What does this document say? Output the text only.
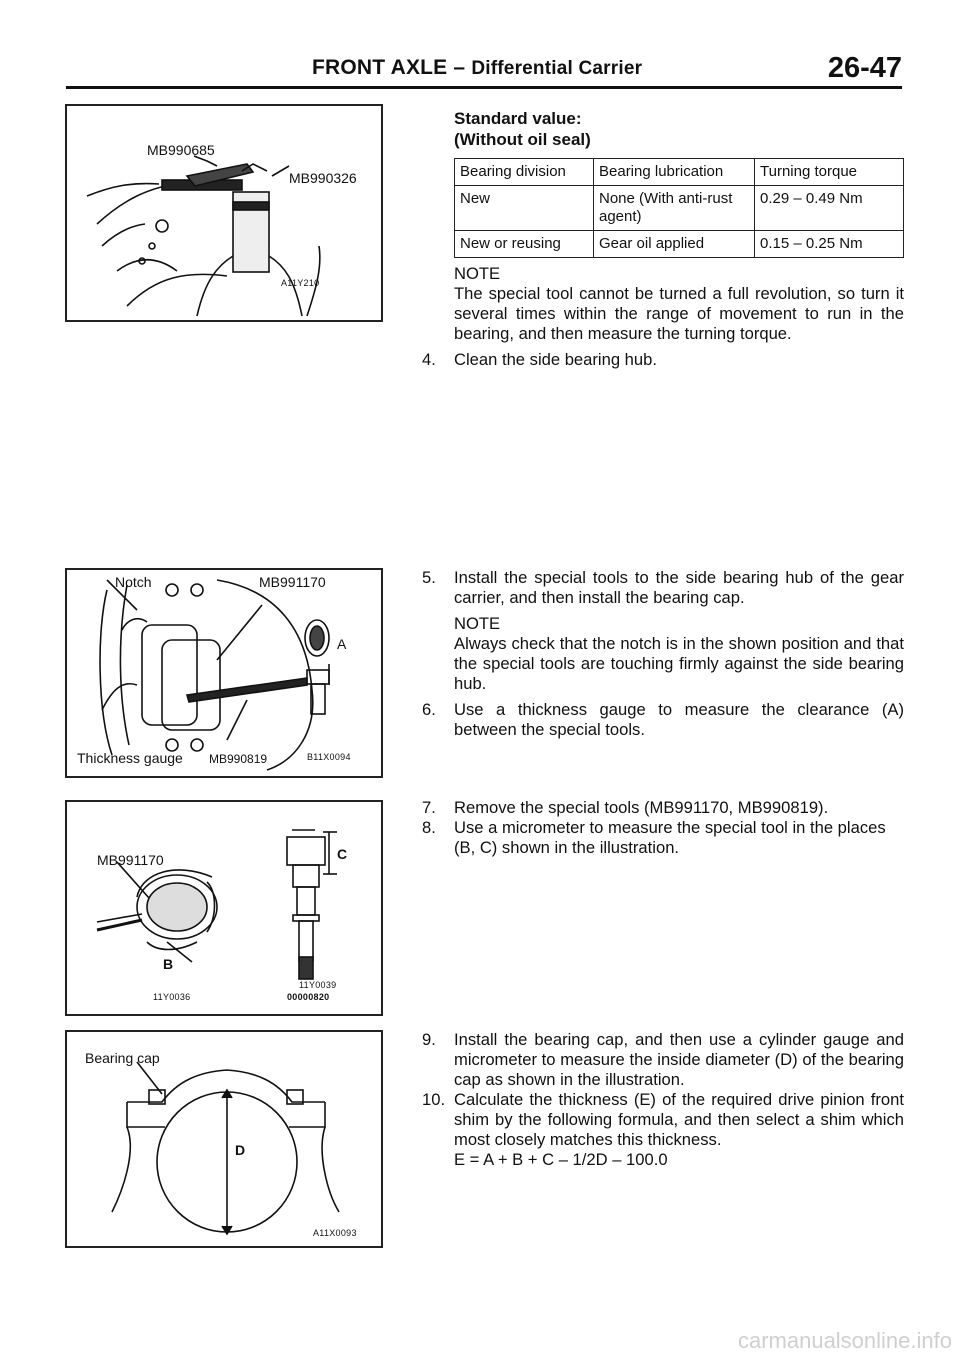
FRONT AXLE – Differential Carrier	26-47
MB990685
MB990326
A11Y210
Notch	MB991170
A
Thickness gauge MB990819	B11X0094
MB991170	C
B
11Y0036
11Y0039
00000820
Bearing cap
D
A11X0093

Standard value:

(Without oil seal)

Bearing division	Bearing lubrication	Turning torque
New	None (With anti-rust agent)	0.29 – 0.49 Nm
New or reusing	Gear oil applied	0.15 – 0.25 Nm

NOTE

The special tool cannot be turned a full revolution, so turn it several times within the range of movement to run in the bearing, and then measure the turning torque.

4. Clean the side bearing hub.

5. Install the special tools to the side bearing hub of the gear carrier, and then install the bearing cap.

NOTE

Always check that the notch is in the shown position and that the special tools are touching firmly against the side bearing hub.

6. Use a thickness gauge to measure the clearance (A) between the special tools.

7. Remove the special tools (MB991170, MB990819).

8. Use a micrometer to measure the special tool in the places (B, C) shown in the illustration.

9. Install the bearing cap, and then use a cylinder gauge and micrometer to measure the inside diameter (D) of the bearing cap as shown in the illustration.

10. Calculate the thickness (E) of the required drive pinion front shim by the following formula, and then select a shim which most closely matches this thickness.

E = A + B + C – 1/2D – 100.0

carmanualsonline.info
